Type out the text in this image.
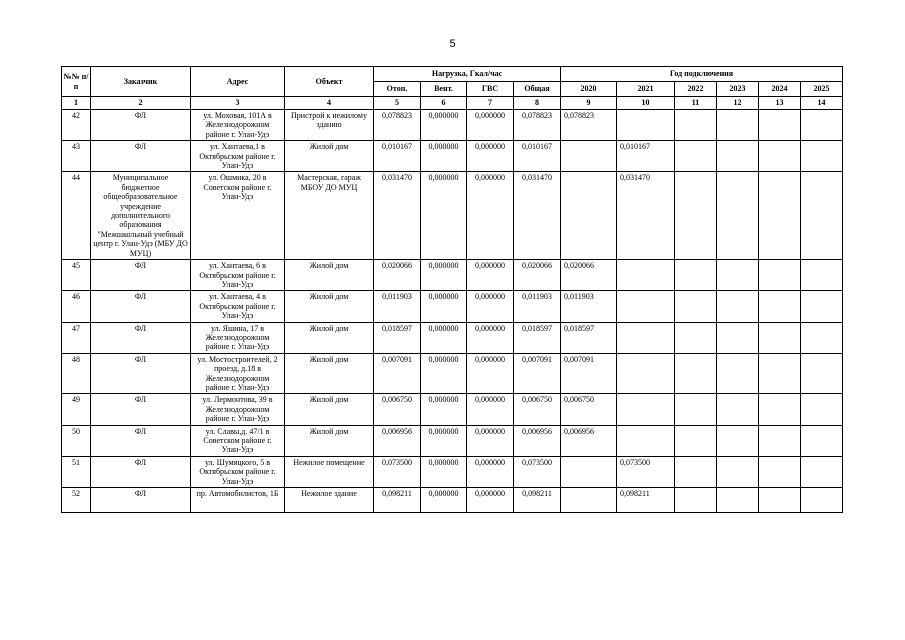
5
№№ п/п	Заказчик	Адрес	Объект	Нагрузка, Гкал/час				Год подключения					
				Отоп.	Вент.	ГВС	Общая	2020	2021	2022	2023	2024	2025
1	2	3	4	5	6	7	8	9	10	11	12	13	14
42	ФЛ	ул. Моховая, 101А в Железнодорожном районе г. Улан-Удэ	Пристрой к нежилому зданию	0,078823	0,000000	0,000000	0,078823	0,078823					
43	ФЛ	ул. Хантаева,1 в Октябрьском районе г. Улан-Удэ	Жилой дом	0,010167	0,000000	0,000000	0,010167		0,010167				
44	Муниципальное бюджетное общеобразовательное учреждение дополнительного образования "Межшкольный учебный центр г. Улан-Удэ (МБУ ДО МУЦ)	ул. Ошмика, 20 в Советском районе г. Улан-Удэ	Мастерская, гараж МБОУ ДО МУЦ	0,031470	0,000000	0,000000	0,031470		0,031470				
45	ФЛ	ул. Хантаева, 6 в Октябрьском районе г. Улан-Удэ	Жилой дом	0,020066	0,000000	0,000000	0,020066	0,020066					
46	ФЛ	ул. Хантаева, 4 в Октябрьском районе г. Улан-Удэ	Жилой дом	0,011903	0,000000	0,000000	0,011903	0,011903					
47	ФЛ	ул. Яшина, 17 в Железнодорожном районе г. Улан-Удэ	Жилой дом	0,018597	0,000000	0,000000	0,018597	0,018597					
48	ФЛ	ул. Мостостроителей, 2 проезд, д.18 в Железнодорожном районе г. Улан-Удэ	Жилой дом	0,007091	0,000000	0,000000	0,007091	0,007091					
49	ФЛ	ул. Лермонтова, 39 в Железнодорожном районе г. Улан-Удэ	Жилой дом	0,006750	0,000000	0,000000	0,006750	0,006750					
50	ФЛ	ул. Славы,д. 47/1 в Советском районе г. Улан-Удэ	Жилой дом	0,006956	0,000000	0,000000	0,006956	0,006956					
51	ФЛ	ул. Шумяцкого, 5 в Октябрьском районе г. Улан-Удэ	Нежилое помещение	0,073500	0,000000	0,000000	0,073500		0,073500				
52	ФЛ	пр. Автомобилистов, 1Б	Нежилое здание	0,098211	0,000000	0,000000	0,098211		0,098211				
